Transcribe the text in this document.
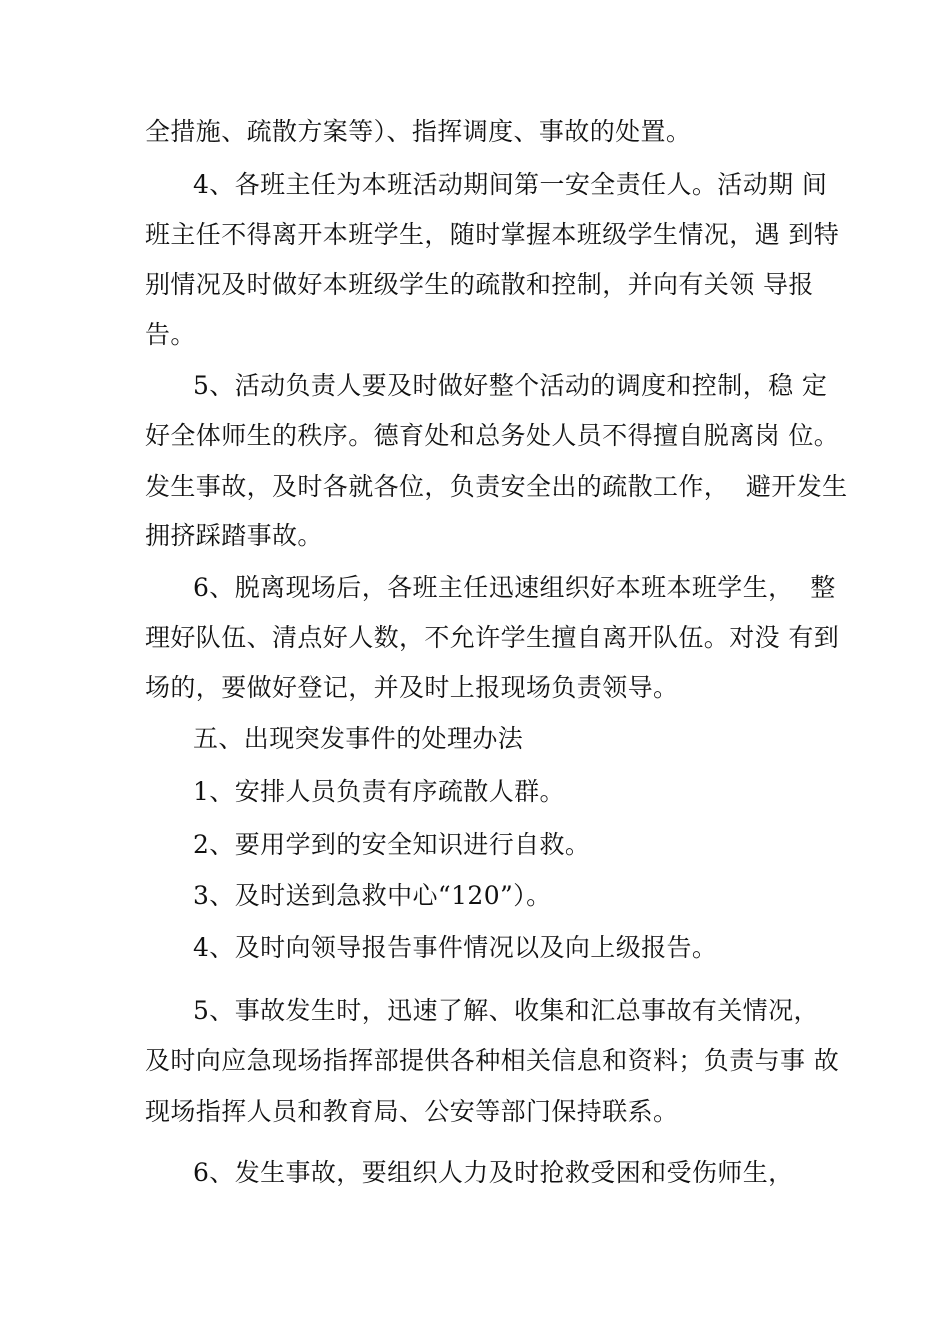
全措施、疏散方案等）、指挥调度、事故的处置。
4、各班主任为本班活动期间第一安全责任人。活动期 间
班主任不得离开本班学生，随时掌握本班级学生情况，遇 到特
别情况及时做好本班级学生的疏散和控制，并向有关领 导报
告。
5、活动负责人要及时做好整个活动的调度和控制，稳 定
好全体师生的秩序。德育处和总务处人员不得擅自脱离岗 位。
发生事故，及时各就各位，负责安全出的疏散工作，  避开发生
拥挤踩踏事故。
6、脱离现场后，各班主任迅速组织好本班本班学生，  整
理好队伍、清点好人数，不允许学生擅自离开队伍。对没 有到
场的，要做好登记，并及时上报现场负责领导。
五、出现突发事件的处理办法
1、安排人员负责有序疏散人群。
2、要用学到的安全知识进行自救。
3、及时送到急救中心“120”）。
4、及时向领导报告事件情况以及向上级报告。
5、事故发生时，迅速了解、收集和汇总事故有关情况，
及时向应急现场指挥部提供各种相关信息和资料；负责与事 故
现场指挥人员和教育局、公安等部门保持联系。
6、发生事故，要组织人力及时抢救受困和受伤师生，
